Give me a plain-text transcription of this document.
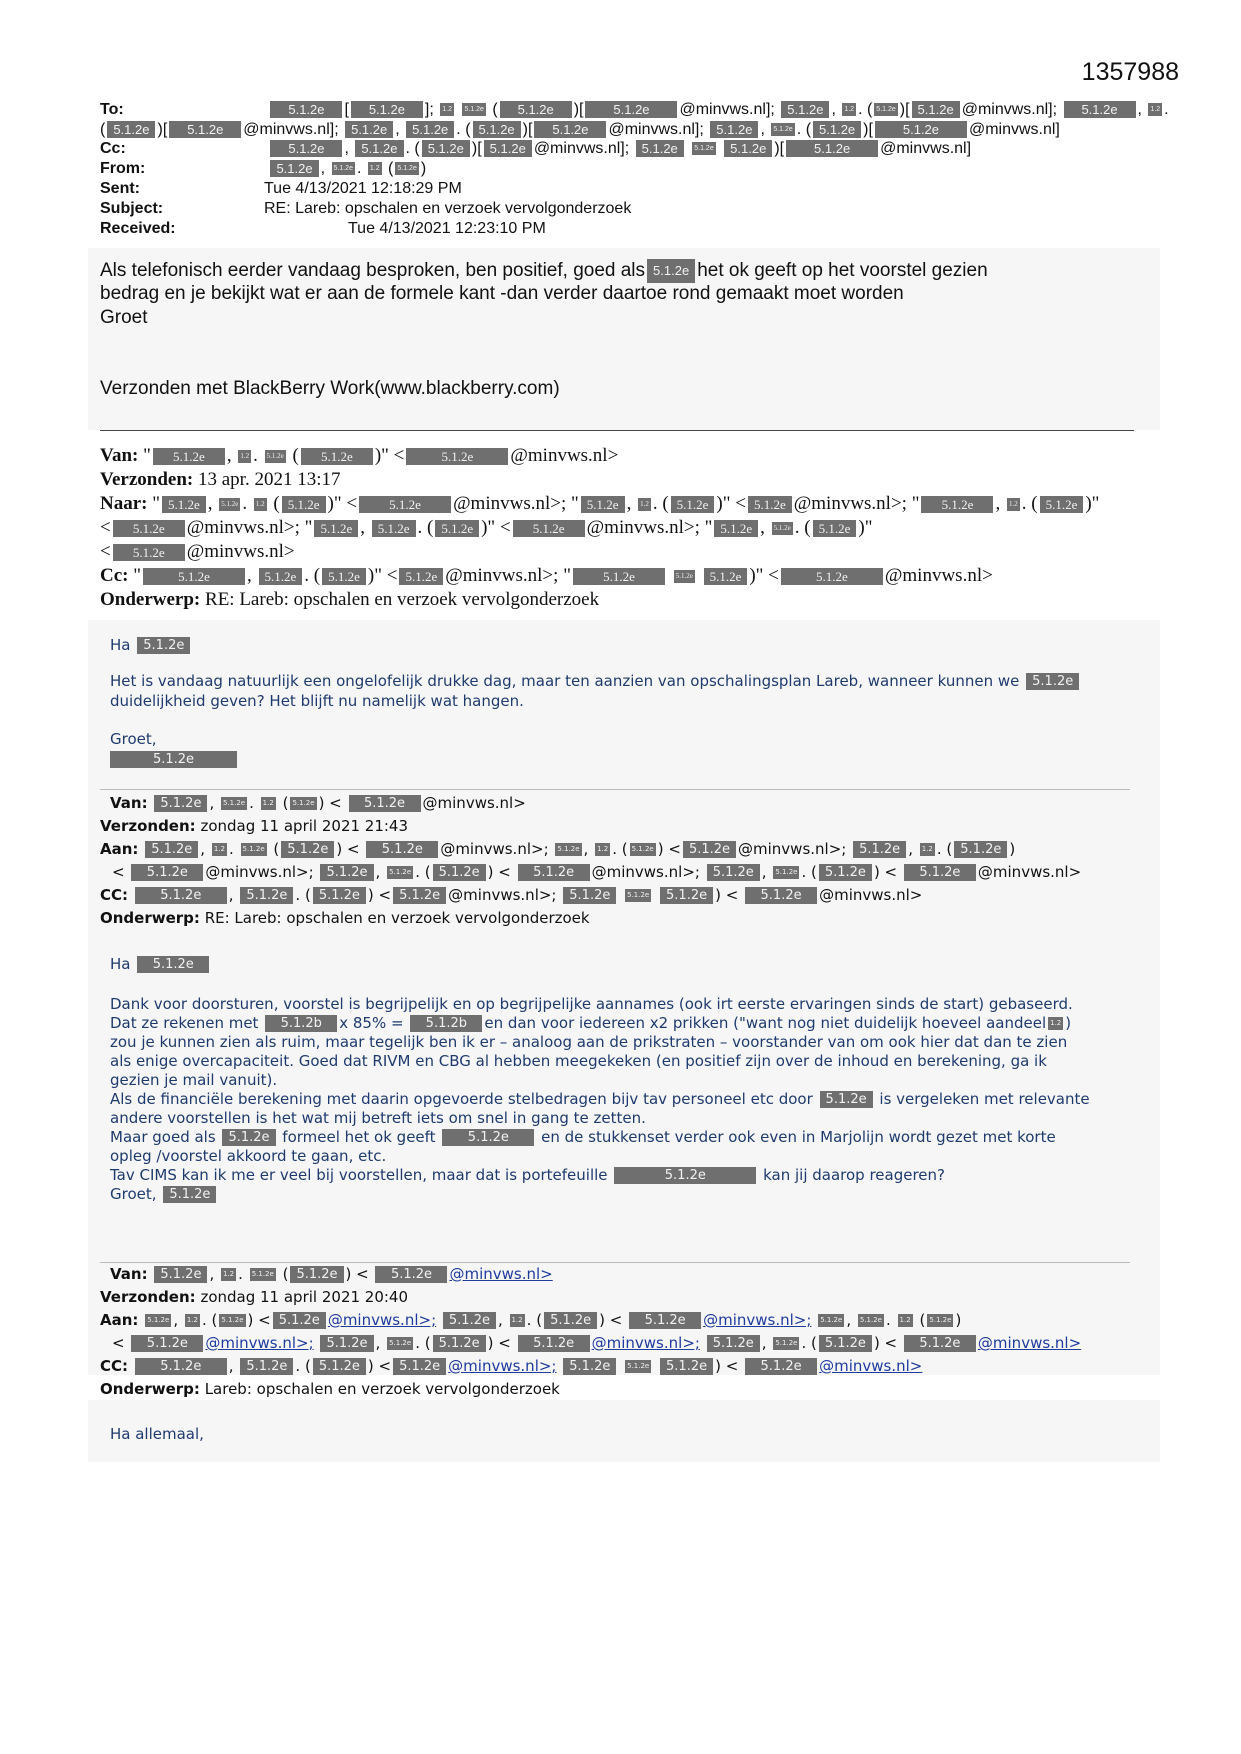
1357988
To:	5.1.2e [ 5.1.2e ]; 1.2 5.1.2e ( 5.1.2e )[ 5.1.2e @minvws.nl]; 5.1.2e , 1.2 . ( 5.1.2e )[ 5.1.2e @minvws.nl]; 5.1.2e , 1.2 .
( 5.1.2e )[ 5.1.2e @minvws.nl]; 5.1.2e , 5.1.2e . ( 5.1.2e )[ 5.1.2e @minvws.nl]; 5.1.2e , 5.1.2e . ( 5.1.2e )[ 5.1.2e @minvws.nl]
Cc:	5.1.2e , 5.1.2e . ( 5.1.2e )[ 5.1.2e @minvws.nl]; 5.1.2e 5.1.2e 5.1.2e )[ 5.1.2e @minvws.nl]
From:	5.1.2e , 5.1.2e . 1.2 ( 5.1.2e )
Sent:	Tue 4/13/2021 12:18:29 PM
Subject:	RE: Lareb: opschalen en verzoek vervolgonderzoek
Received:	Tue 4/13/2021 12:23:10 PM
Als telefonisch eerder vandaag besproken, ben positief, goed als 5.1.2e het ok geeft op het voorstel gezien
bedrag en je bekijkt wat er aan de formele kant -dan verder daartoe rond gemaakt moet worden
Groet
Verzonden met BlackBerry Work(www.blackberry.com)
Van: " 5.1.2e , 1.2 . 5.1.2e ( 5.1.2e )" <	5.1.2e @minvws.nl>
Verzonden: 13 apr. 2021 13:17
Naar: " 5.1.2e , 5.1.2e . 1.2 ( 5.1.2e )" < 5.1.2e @minvws.nl>; " 5.1.2e , 1.2 . ( 5.1.2e )" < 5.1.2e @minvws.nl>; " 5.1.2e , 1.2 . ( 5.1.2e )"
< 5.1.2e @minvws.nl>; " 5.1.2e , 5.1.2e . ( 5.1.2e )" < 5.1.2e @minvws.nl>; " 5.1.2e , 5.1.2e . ( 5.1.2e )"
< 5.1.2e @minvws.nl>
Cc: "	5.1.2e , 5.1.2e . ( 5.1.2e )" < 5.1.2e @minvws.nl>; " 5.1.2e	5.1.2e 5.1.2e )" <	5.1.2e @minvws.nl>
Onderwerp: RE: Lareb: opschalen en verzoek vervolgonderzoek
Ha 5.1.2e
Het is vandaag natuurlijk een ongelofelijk drukke dag, maar ten aanzien van opschalingsplan Lareb, wanneer kunnen we 5.1.2e
duidelijkheid geven? Het blijft nu namelijk wat hangen.
Groet,
5.1.2e
Van: 5.1.2e , 5.1.2e . 1.2 ( 5.1.2e ) < 5.1.2e @minvws.nl>
Verzonden: zondag 11 april 2021 21:43
Aan: 5.1.2e , 1.2 . 5.1.2e ( 5.1.2e ) < 5.1.2e @minvws.nl>; 5.1.2e , 1.2 . ( 5.1.2e ) < 5.1.2e @minvws.nl>; 5.1.2e , 1.2 . ( 5.1.2e )
< 5.1.2e @minvws.nl>; 5.1.2e , 5.1.2e . ( 5.1.2e ) < 5.1.2e @minvws.nl>; 5.1.2e , 5.1.2e . ( 5.1.2e ) < 5.1.2e @minvws.nl>
CC: 5.1.2e , 5.1.2e . ( 5.1.2e ) < 5.1.2e @minvws.nl>; 5.1.2e 5.1.2e 5.1.2e ) < 5.1.2e @minvws.nl>
Onderwerp: RE: Lareb: opschalen en verzoek vervolgonderzoek
Ha 5.1.2e
Dank voor doorsturen, voorstel is begrijpelijk en op begrijpelijke aannames (ook irt eerste ervaringen sinds de start) gebaseerd.
Dat ze rekenen met 5.1.2b x 85% = 5.1.2b en dan voor iedereen x2 prikken ("want nog niet duidelijk hoeveel aandeel 1.2 )
zou je kunnen zien als ruim, maar tegelijk ben ik er – analoog aan de prikstraten – voorstander van om ook hier dat dan te zien
als enige overcapaciteit. Goed dat RIVM en CBG al hebben meegekeken (en positief zijn over de inhoud en berekening, ga ik
gezien je mail vanuit).
Als de financiële berekening met daarin opgevoerde stelbedragen bijv tav personeel etc door 5.1.2e is vergeleken met relevante
andere voorstellen is het wat mij betreft iets om snel in gang te zetten.
Maar goed als 5.1.2e formeel het ok geeft 5.1.2e en de stukkenset verder ook even in Marjolijn wordt gezet met korte
opleg /voorstel akkoord te gaan, etc.
Tav CIMS kan ik me er veel bij voorstellen, maar dat is portefeuille	5.1.2e	kan jij daarop reageren?
Groet, 5.1.2e
Van: 5.1.2e , 1.2 . 5.1.2e ( 5.1.2e ) < 5.1.2e @minvws.nl>
Verzonden: zondag 11 april 2021 20:40
Aan: 5.1.2e , 1.2 . ( 5.1.2e ) < 5.1.2e @minvws.nl>; 5.1.2e , 1.2 . ( 5.1.2e ) < 5.1.2e @minvws.nl>; 5.1.2e , 5.1.2e . 1.2 ( 5.1.2e )
< 5.1.2e @minvws.nl>; 5.1.2e , 5.1.2e . ( 5.1.2e ) < 5.1.2e @minvws.nl>; 5.1.2e , 5.1.2e . ( 5.1.2e ) < 5.1.2e @minvws.nl>
CC: 5.1.2e , 5.1.2e . ( 5.1.2e ) < 5.1.2e @minvws.nl>; 5.1.2e 5.1.2e 5.1.2e ) < 5.1.2e @minvws.nl>
Onderwerp: Lareb: opschalen en verzoek vervolgonderzoek
Ha allemaal,
